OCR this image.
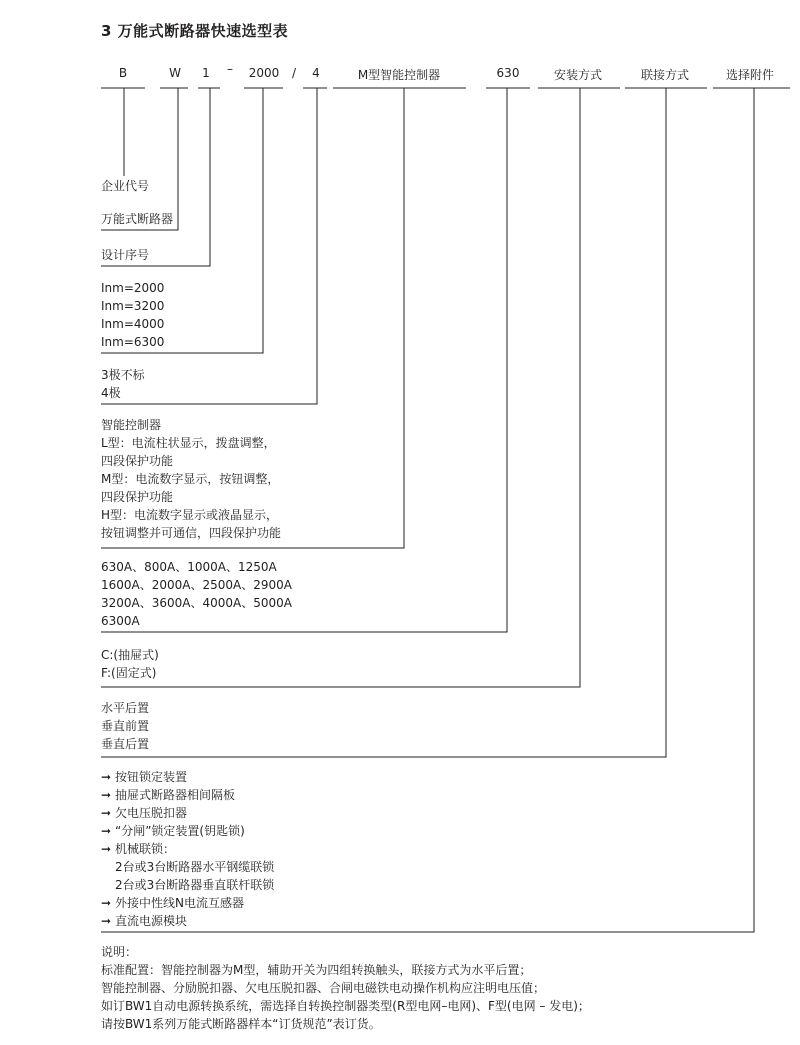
3 万能式断路器快速选型表
B	W	1	–	2000	/	4	M型智能控制器	630	安装方式	联接方式	选择附件
企业代号
万能式断路器
设计序号
Inm=2000
Inm=3200
Inm=4000
Inm=6300
3极不标
4极
智能控制器
L型：电流柱状显示，拨盘调整，
四段保护功能
M型：电流数字显示，按钮调整，
四段保护功能
H型：电流数字显示或液晶显示，
按钮调整并可通信，四段保护功能
630A、800A、1000A、1250A
1600A、2000A、2500A、2900A
3200A、3600A、4000A、5000A
6300A
C:(抽屉式)
F:(固定式)
水平后置
垂直前置
垂直后置
➞ 按钮锁定装置
➞ 抽屉式断路器相间隔板
➞ 欠电压脱扣器
➞ “分闸”锁定装置(钥匙锁)
➞ 机械联锁：
2台或3台断路器水平钢缆联锁
2台或3台断路器垂直联杆联锁
➞ 外接中性线N电流互感器
➞ 直流电源模块
说明：
标准配置：智能控制器为M型，辅助开关为四组转换触头，联接方式为水平后置；
智能控制器、分励脱扣器、欠电压脱扣器、合闸电磁铁电动操作机构应注明电压值；
如订BW1自动电源转换系统，需选择自转换控制器类型(R型电网–电网)、F型(电网 – 发电)；
请按BW1系列万能式断路器样本“订货规范”表订货。
